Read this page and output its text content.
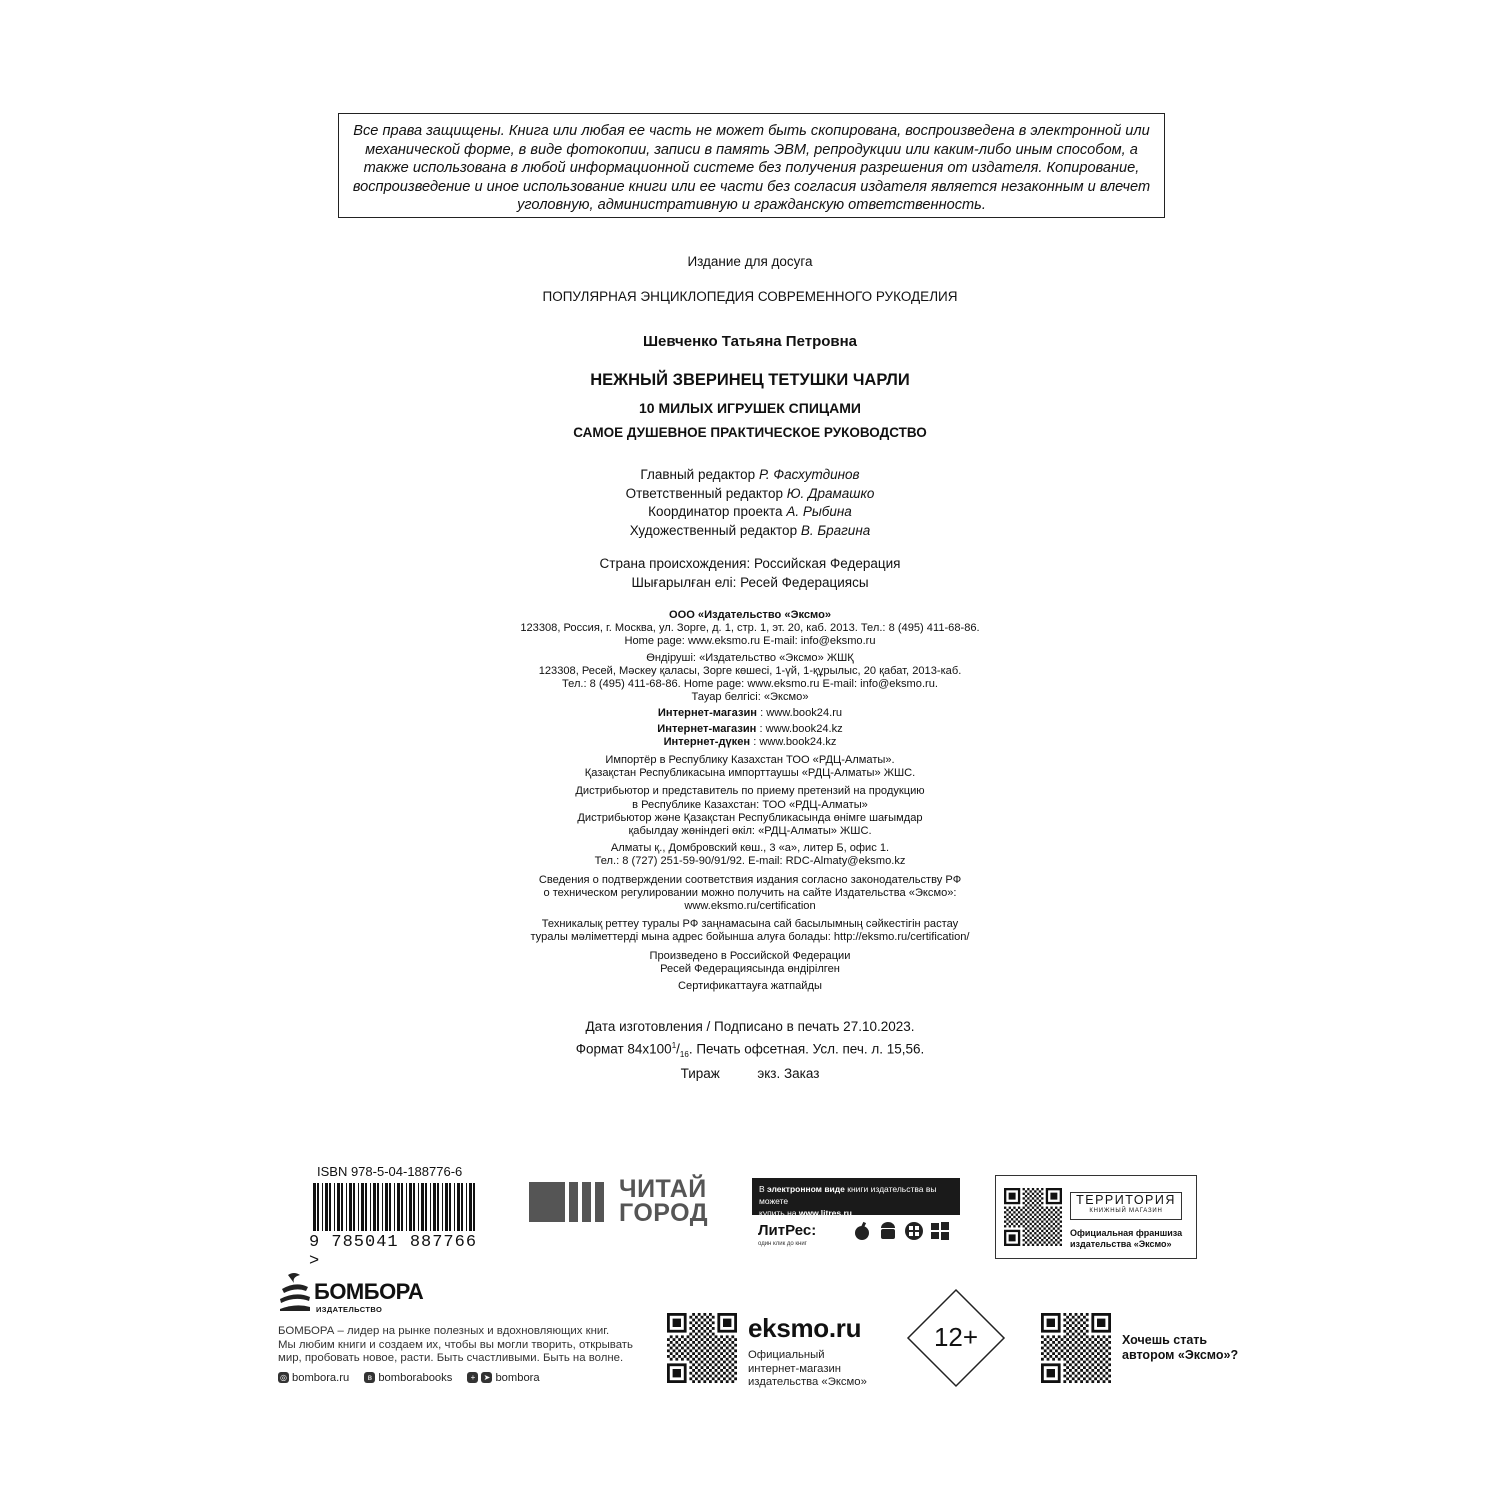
Все права защищены. Книга или любая ее часть не может быть скопирована, воспроизведена в электронной или механической форме, в виде фотокопии, записи в память ЭВМ, репродукции или каким-либо иным способом, а также использована в любой информационной системе без получения разрешения от издателя. Копирование, воспроизведение и иное использование книги или ее части без согласия издателя является незаконным и влечет уголовную, административную и гражданскую ответственность.
Издание для досуга
ПОПУЛЯРНАЯ ЭНЦИКЛОПЕДИЯ СОВРЕМЕННОГО РУКОДЕЛИЯ
Шевченко Татьяна Петровна
НЕЖНЫЙ ЗВЕРИНЕЦ ТЕТУШКИ ЧАРЛИ
10 МИЛЫХ ИГРУШЕК СПИЦАМИ
САМОЕ ДУШЕВНОЕ ПРАКТИЧЕСКОЕ РУКОВОДСТВО
Главный редактор Р. Фасхутдинов
Ответственный редактор Ю. Драмашко
Координатор проекта А. Рыбина
Художественный редактор В. Брагина
Страна происхождения: Российская Федерация
Шығарылған елі: Ресей Федерациясы
ООО «Издательство «Эксмо»
123308, Россия, г. Москва, ул. Зорге, д. 1, стр. 1, эт. 20, каб. 2013. Тел.: 8 (495) 411-68-86.
Home page: www.eksmo.ru E-mail: info@eksmo.ru
Өндіруші: «Издательство «Эксмо» ЖШҚ
123308, Ресей, Мәскеу қаласы, Зорге көшесі, 1-үй, 1-құрылыс, 20 қабат, 2013-каб.
Тел.: 8 (495) 411-68-86. Home page: www.eksmo.ru E-mail: info@eksmo.ru.
Тауар белгісі: «Эксмо»
Интернет-магазин : www.book24.ru
Интернет-магазин : www.book24.kz
Интернет-дүкен : www.book24.kz
Импортёр в Республику Казахстан ТОО «РДЦ-Алматы».
Қазақстан Республикасына импорттаушы «РДЦ-Алматы» ЖШС.
Дистрибьютор и представитель по приему претензий на продукцию
в Республике Казахстан: ТОО «РДЦ-Алматы»
Дистрибьютор және Қазақстан Республикасында өнімге шағымдар
қабылдау жөніндегі өкіл: «РДЦ-Алматы» ЖШС.
Алматы қ., Домбровский көш., 3 «а», литер Б, офис 1.
Тел.: 8 (727) 251-59-90/91/92. E-mail: RDC-Almaty@eksmo.kz
Сведения о подтверждении соответствия издания согласно законодательству РФ
о техническом регулировании можно получить на сайте Издательства «Эксмо»:
www.eksmo.ru/certification
Техникалық реттеу туралы РФ заңнамасына сай басылымның сәйкестігін растау
туралы мәліметтерді мына адрес бойынша алуға болады: http://eksmo.ru/certification/
Произведено в Российской Федерации
Ресей Федерациясында өндірілген
Сертификаттауға жатпайды
Дата изготовления / Подписано в печать 27.10.2023.
Формат $84x100^1/_{16}$. Печать офсетная. Усл. печ. л. 15,56.
Тираж          экз. Заказ
ISBN 978-5-04-188776-6
9 785041 887766 >
ЧИТАЙ
ГОРОД
В электронном виде книги издательства вы можете
купить на www.litres.ru
ЛитРес:
один клик до книг
ТЕРРИТОРИЯ
КНИЖНЫЙ МАГАЗИН
Официальная франшиза
издательства «Эксмо»
БОМБОРА
ИЗДАТЕЛЬСТВО
БОМБОРА – лидер на рынке полезных и вдохновляющих книг.
Мы любим книги и создаем их, чтобы вы могли творить, открывать
мир, пробовать новое, расти. Быть счастливыми. Быть на волне.
◎ bombora.ru
	в bomborabooks
	+	➤ bombora
eksmo.ru
Официальный
интернет-магазин
издательства «Эксмо»
12+	Хочешь стать
автором «Эксмо»?
